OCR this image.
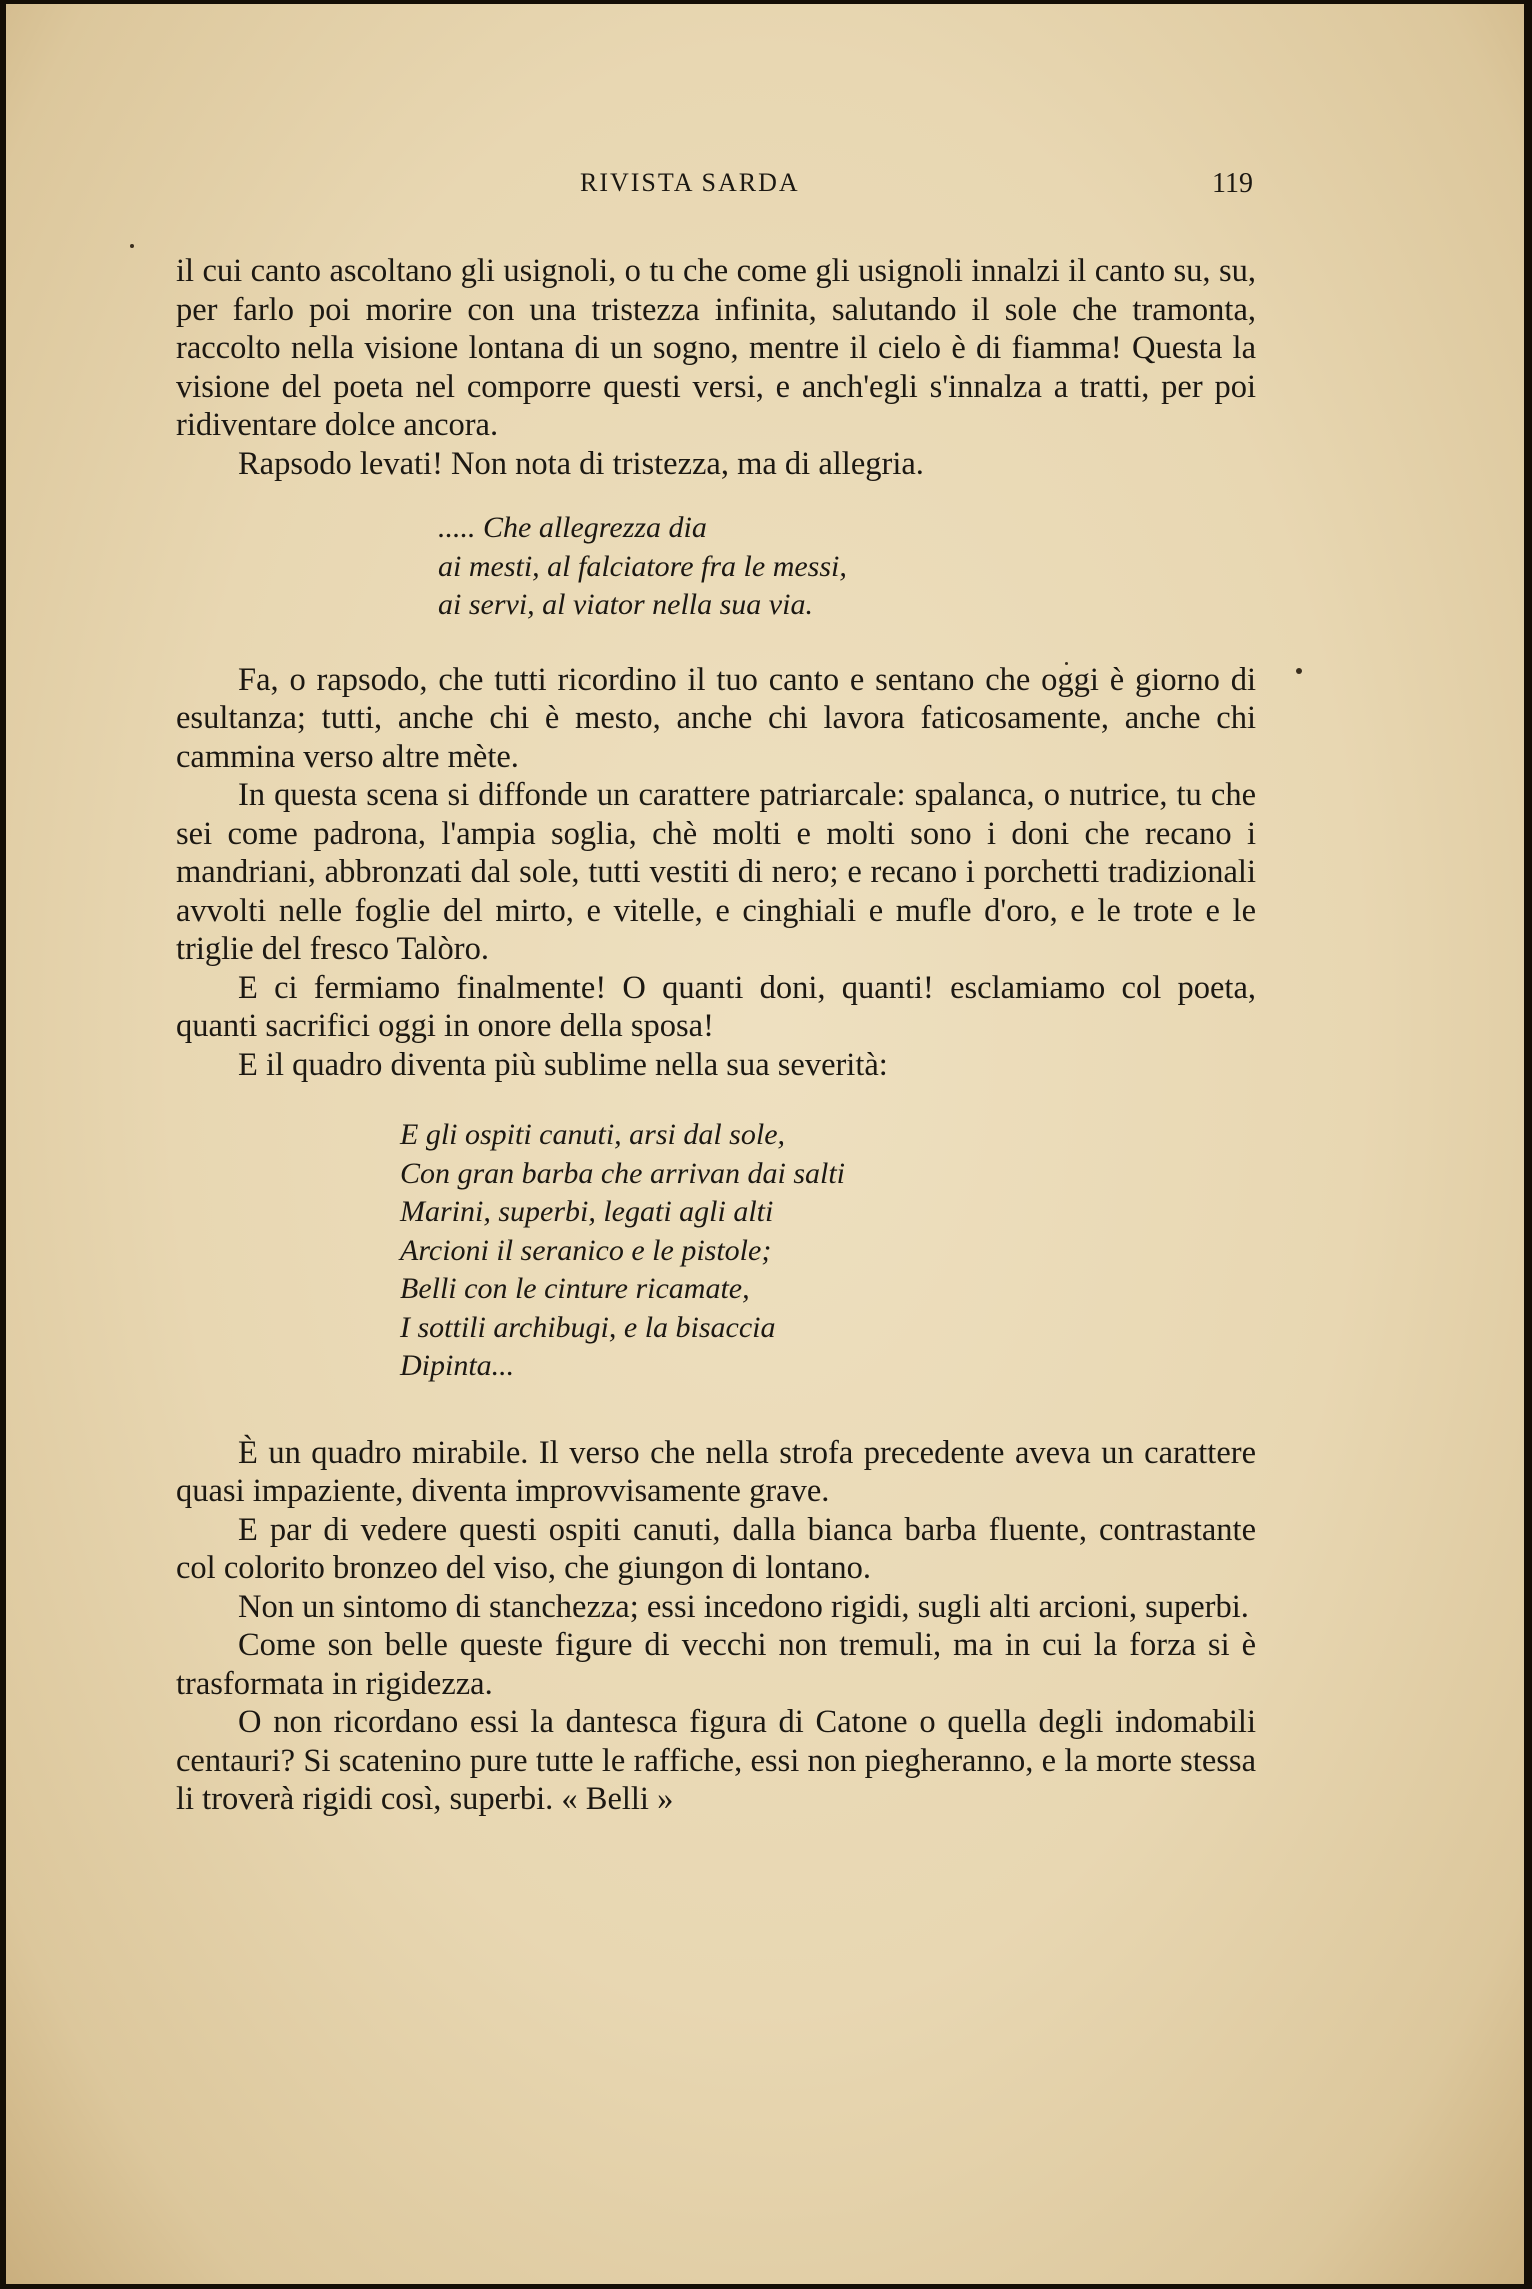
RIVISTA SARDA	119

il cui canto ascoltano gli usignoli, o tu che come gli usignoli innalzi il canto su, su, per farlo poi morire con una tristezza infinita, salutando il sole che tramonta, raccolto nella visione lontana di un sogno, mentre il cielo è di fiamma! Questa la visione del poeta nel comporre questi versi, e anch'egli s'innalza a tratti, per poi ridiventare dolce ancora.

Rapsodo levati! Non nota di tristezza, ma di allegria.

..... Che allegrezza dia
ai mesti, al falciatore fra le messi,
ai servi, al viator nella sua via.

Fa, o rapsodo, che tutti ricordino il tuo canto e sentano che oggi è giorno di esultanza; tutti, anche chi è mesto, anche chi lavora faticosamente, anche chi cammina verso altre mète.

In questa scena si diffonde un carattere patriarcale: spalanca, o nutrice, tu che sei come padrona, l'ampia soglia, chè molti e molti sono i doni che recano i mandriani, abbronzati dal sole, tutti vestiti di nero; e recano i porchetti tradizionali avvolti nelle foglie del mirto, e vitelle, e cinghiali e mufle d'oro, e le trote e le triglie del fresco Talòro.

E ci fermiamo finalmente! O quanti doni, quanti! esclamiamo col poeta, quanti sacrifici oggi in onore della sposa!

E il quadro diventa più sublime nella sua severità:

E gli ospiti canuti, arsi dal sole,
Con gran barba che arrivan dai salti
Marini, superbi, legati agli alti
Arcioni il seranico e le pistole;
Belli con le cinture ricamate,
I sottili archibugi, e la bisaccia
Dipinta...

È un quadro mirabile. Il verso che nella strofa precedente aveva un carattere quasi impaziente, diventa improvvisamente grave.

E par di vedere questi ospiti canuti, dalla bianca barba fluente, contrastante col colorito bronzeo del viso, che giungon di lontano.

Non un sintomo di stanchezza; essi incedono rigidi, sugli alti arcioni, superbi.

Come son belle queste figure di vecchi non tremuli, ma in cui la forza si è trasformata in rigidezza.

O non ricordano essi la dantesca figura di Catone o quella degli indomabili centauri? Si scatenino pure tutte le raffiche, essi non piegheranno, e la morte stessa li troverà rigidi così, superbi. « Belli »
